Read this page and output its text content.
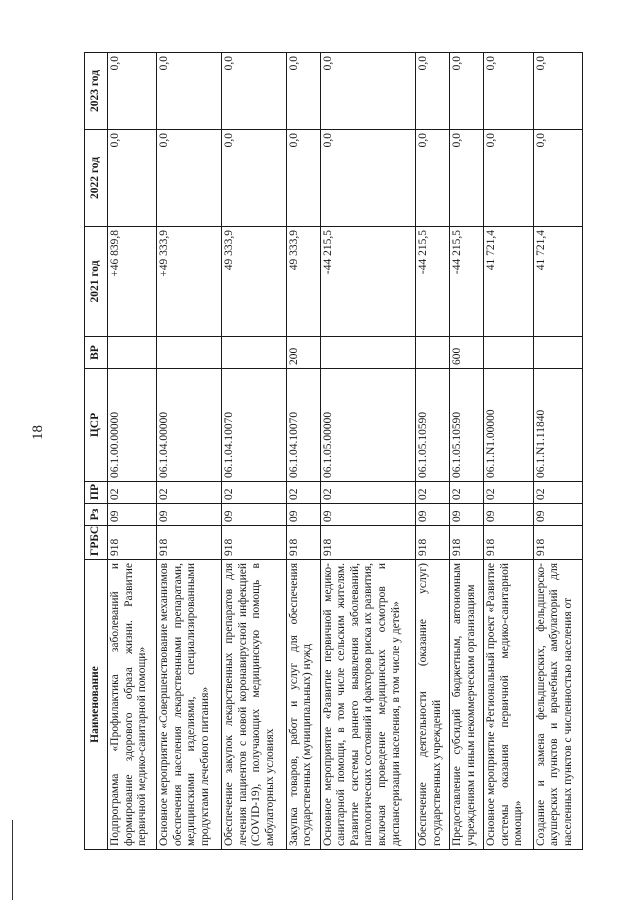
18
Наименование	ГРБС	Рз	ПР	ЦСР	ВР	2021 год	2022 год	2023 год
Подпрограмма «Профилактика заболеваний и формирование здорового образа жизни. Развитие первичной медико-санитарной помощи»	918	09	02	06.1.00.00000		+46 839,8	0,0	0,0
Основное мероприятие «Совершенствование механизмов обеспечения населения лекарственными препаратами, медицинскими изделиями, специализированными продуктами лечебного питания»	918	09	02	06.1.04.00000		+49 333,9	0,0	0,0
Обеспечение закупок лекарственных препаратов для лечения пациентов с новой коронавирусной инфекцией (COVID-19), получающих медицинскую помощь в амбулаторных условиях	918	09	02	06.1.04.10070		49 333,9	0,0	0,0
Закупка товаров, работ и услуг для обеспечения государственных (муниципальных) нужд	918	09	02	06.1.04.10070	200	49 333,9	0,0	0,0
Основное мероприятие «Развитие первичной медико-санитарной помощи, в том числе сельским жителям. Развитие системы раннего выявления заболеваний, патологических состояний и факторов риска их развития, включая проведение медицинских осмотров и диспансеризации населения, в том числе у детей»	918	09	02	06.1.05.00000		-44 215,5	0,0	0,0
Обеспечение деятельности (оказание услуг) государственных учреждений	918	09	02	06.1.05.10590		-44 215,5	0,0	0,0
Предоставление субсидий бюджетным, автономным учреждениям и иным некоммерческим организациям	918	09	02	06.1.05.10590	600	-44 215,5	0,0	0,0
Основное мероприятие «Региональный проект «Развитие системы оказания первичной медико-санитарной помощи»	918	09	02	06.1.N1.00000		41 721,4	0,0	0,0
Создание и замена фельдшерских, фельдшерско-акушерских пунктов и врачебных амбулаторий для населенных пунктов с численностью населения от	918	09	02	06.1.N1.11840		41 721,4	0,0	0,0
